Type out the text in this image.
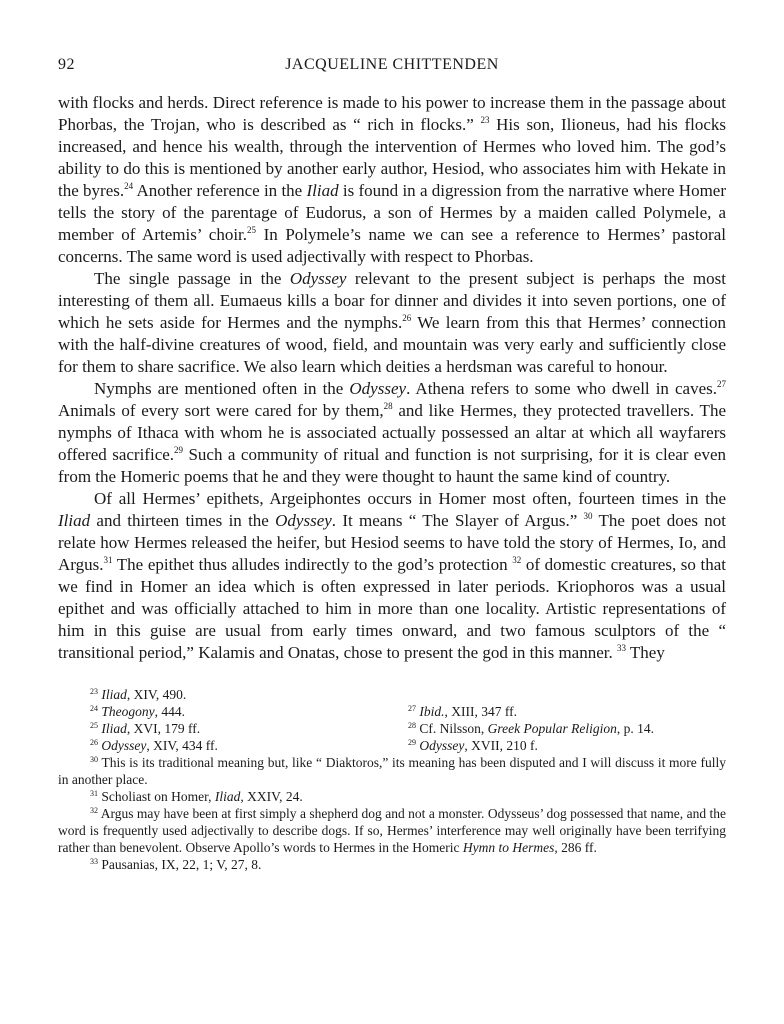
92	JACQUELINE CHITTENDEN

with flocks and herds. Direct reference is made to his power to increase them in the passage about Phorbas, the Trojan, who is described as “ rich in flocks.” $^{23}$ His son, Ilioneus, had his flocks increased, and hence his wealth, through the intervention of Hermes who loved him. The god’s ability to do this is mentioned by another early author, Hesiod, who associates him with Hekate in the byres.$^{24}$ Another reference in the Iliad is found in a digression from the narrative where Homer tells the story of the parentage of Eudorus, a son of Hermes by a maiden called Polymele, a member of Artemis’ choir.$^{25}$ In Polymele’s name we can see a reference to Hermes’ pastoral concerns. The same word is used adjectivally with respect to Phorbas.

The single passage in the Odyssey relevant to the present subject is perhaps the most interesting of them all. Eumaeus kills a boar for dinner and divides it into seven portions, one of which he sets aside for Hermes and the nymphs.$^{26}$ We learn from this that Hermes’ connection with the half-divine creatures of wood, field, and mountain was very early and sufficiently close for them to share sacrifice. We also learn which deities a herdsman was careful to honour.

Nymphs are mentioned often in the Odyssey. Athena refers to some who dwell in caves.$^{27}$ Animals of every sort were cared for by them,$^{28}$ and like Hermes, they protected travellers. The nymphs of Ithaca with whom he is associated actually possessed an altar at which all wayfarers offered sacrifice.$^{29}$ Such a community of ritual and function is not surprising, for it is clear even from the Homeric poems that he and they were thought to haunt the same kind of country.

Of all Hermes’ epithets, Argeiphontes occurs in Homer most often, fourteen times in the Iliad and thirteen times in the Odyssey. It means “ The Slayer of Argus.” $^{30}$ The poet does not relate how Hermes released the heifer, but Hesiod seems to have told the story of Hermes, Io, and Argus.$^{31}$ The epithet thus alludes indirectly to the god’s protection $^{32}$ of domestic creatures, so that we find in Homer an idea which is often expressed in later periods. Kriophoros was a usual epithet and was officially attached to him in more than one locality. Artistic representations of him in this guise are usual from early times onward, and two famous sculptors of the “ transitional period,” Kalamis and Onatas, chose to present the god in this manner. $^{33}$ They

$^{23}$ Iliad, XIV, 490.
$^{24}$ Theogony, 444.	$^{27}$ Ibid., XIII, 347 ff.
$^{25}$ Iliad, XVI, 179 ff.	$^{28}$ Cf. Nilsson, Greek Popular Religion, p. 14.
$^{26}$ Odyssey, XIV, 434 ff.	$^{29}$ Odyssey, XVII, 210 f.
$^{30}$ This is its traditional meaning but, like “ Diaktoros,” its meaning has been disputed and I will discuss it more fully in another place.
$^{31}$ Scholiast on Homer, Iliad, XXIV, 24.
$^{32}$ Argus may have been at first simply a shepherd dog and not a monster. Odysseus’ dog possessed that name, and the word is frequently used adjectivally to describe dogs. If so, Hermes’ interference may well originally have been terrifying rather than benevolent. Observe Apollo’s words to Hermes in the Homeric Hymn to Hermes, 286 ff.
$^{33}$ Pausanias, IX, 22, 1; V, 27, 8.
